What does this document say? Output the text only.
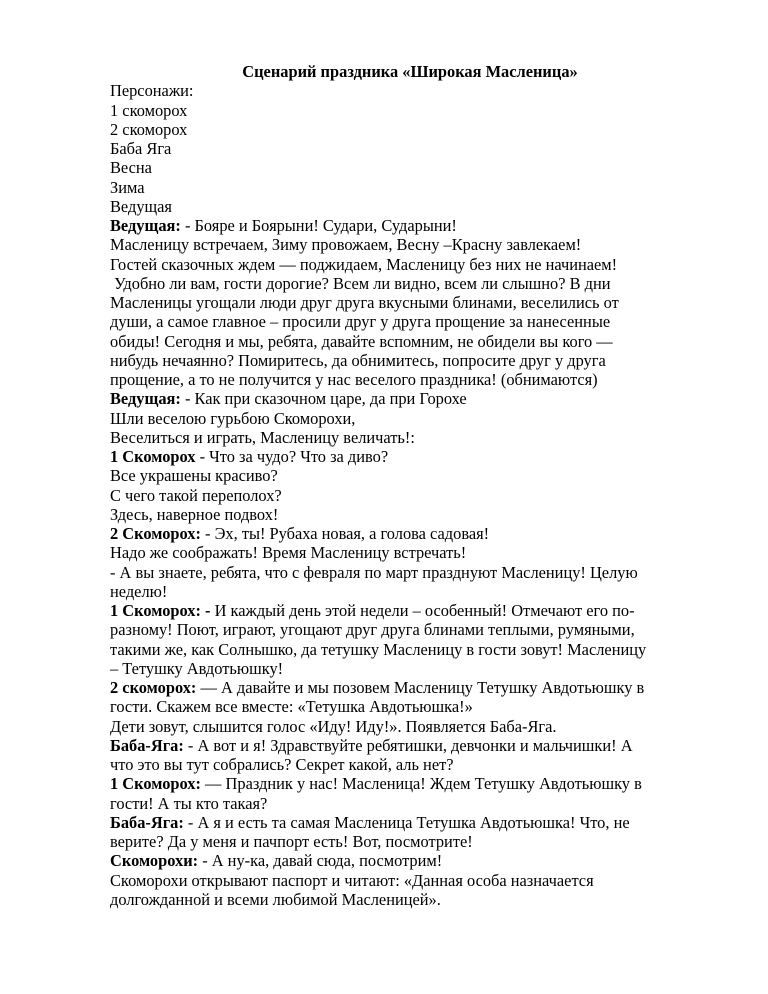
Сценарий праздника «Широкая Масленица»

Персонажи:

1 скоморох

2 скоморох

Баба Яга

Весна

Зима

Ведущая

Ведущая: - Бояре и Боярыни! Судари, Сударыни!

Масленицу встречаем, Зиму провожаем, Весну –Красну завлекаем!

Гостей сказочных ждем — поджидаем, Масленицу без них не начинаем!

Удобно ли вам, гости дорогие? Всем ли видно, всем ли слышно? В дни

Масленицы угощали люди друг друга вкусными блинами, веселились от

души, а самое главное – просили друг у друга прощение за нанесенные

обиды! Сегодня и мы, ребята, давайте вспомним, не обидели вы кого —

нибудь нечаянно? Помиритесь, да обнимитесь, попросите друг у друга

прощение, а то не получится у нас веселого праздника! (обнимаются)

Ведущая: - Как при сказочном царе, да при Горохе

Шли веселою гурьбою Скоморохи,

Веселиться и играть, Масленицу величать!:

1 Скоморох - Что за чудо? Что за диво?

Все украшены красиво?

С чего такой переполох?

Здесь, наверное подвох!

2 Скоморох: - Эх, ты! Рубаха новая, а голова садовая!

Надо же соображать! Время Масленицу встречать!

- А вы знаете, ребята, что с февраля по март празднуют Масленицу! Целую

неделю!

1 Скоморох: - И каждый день этой недели – особенный! Отмечают его по-

разному! Поют, играют, угощают друг друга блинами теплыми, румяными,

такими же, как Солнышко, да тетушку Масленицу в гости зовут! Масленицу

– Тетушку Авдотьюшку!

2 скоморох: — А давайте и мы позовем Масленицу Тетушку Авдотьюшку в

гости. Скажем все вместе: «Тетушка Авдотьюшка!»

Дети зовут, слышится голос «Иду! Иду!». Появляется Баба-Яга.

Баба-Яга: - А вот и я! Здравствуйте ребятишки, девчонки и мальчишки! А

что это вы тут собрались? Секрет какой, аль нет?

1 Скоморох: — Праздник у нас! Масленица! Ждем Тетушку Авдотьюшку в

гости! А ты кто такая?

Баба-Яга: - А я и есть та самая Масленица Тетушка Авдотьюшка! Что, не

верите? Да у меня и пачпорт есть! Вот, посмотрите!

Скоморохи: - А ну-ка, давай сюда, посмотрим!

Скоморохи открывают паспорт и читают: «Данная особа назначается

долгожданной и всеми любимой Масленицей».
